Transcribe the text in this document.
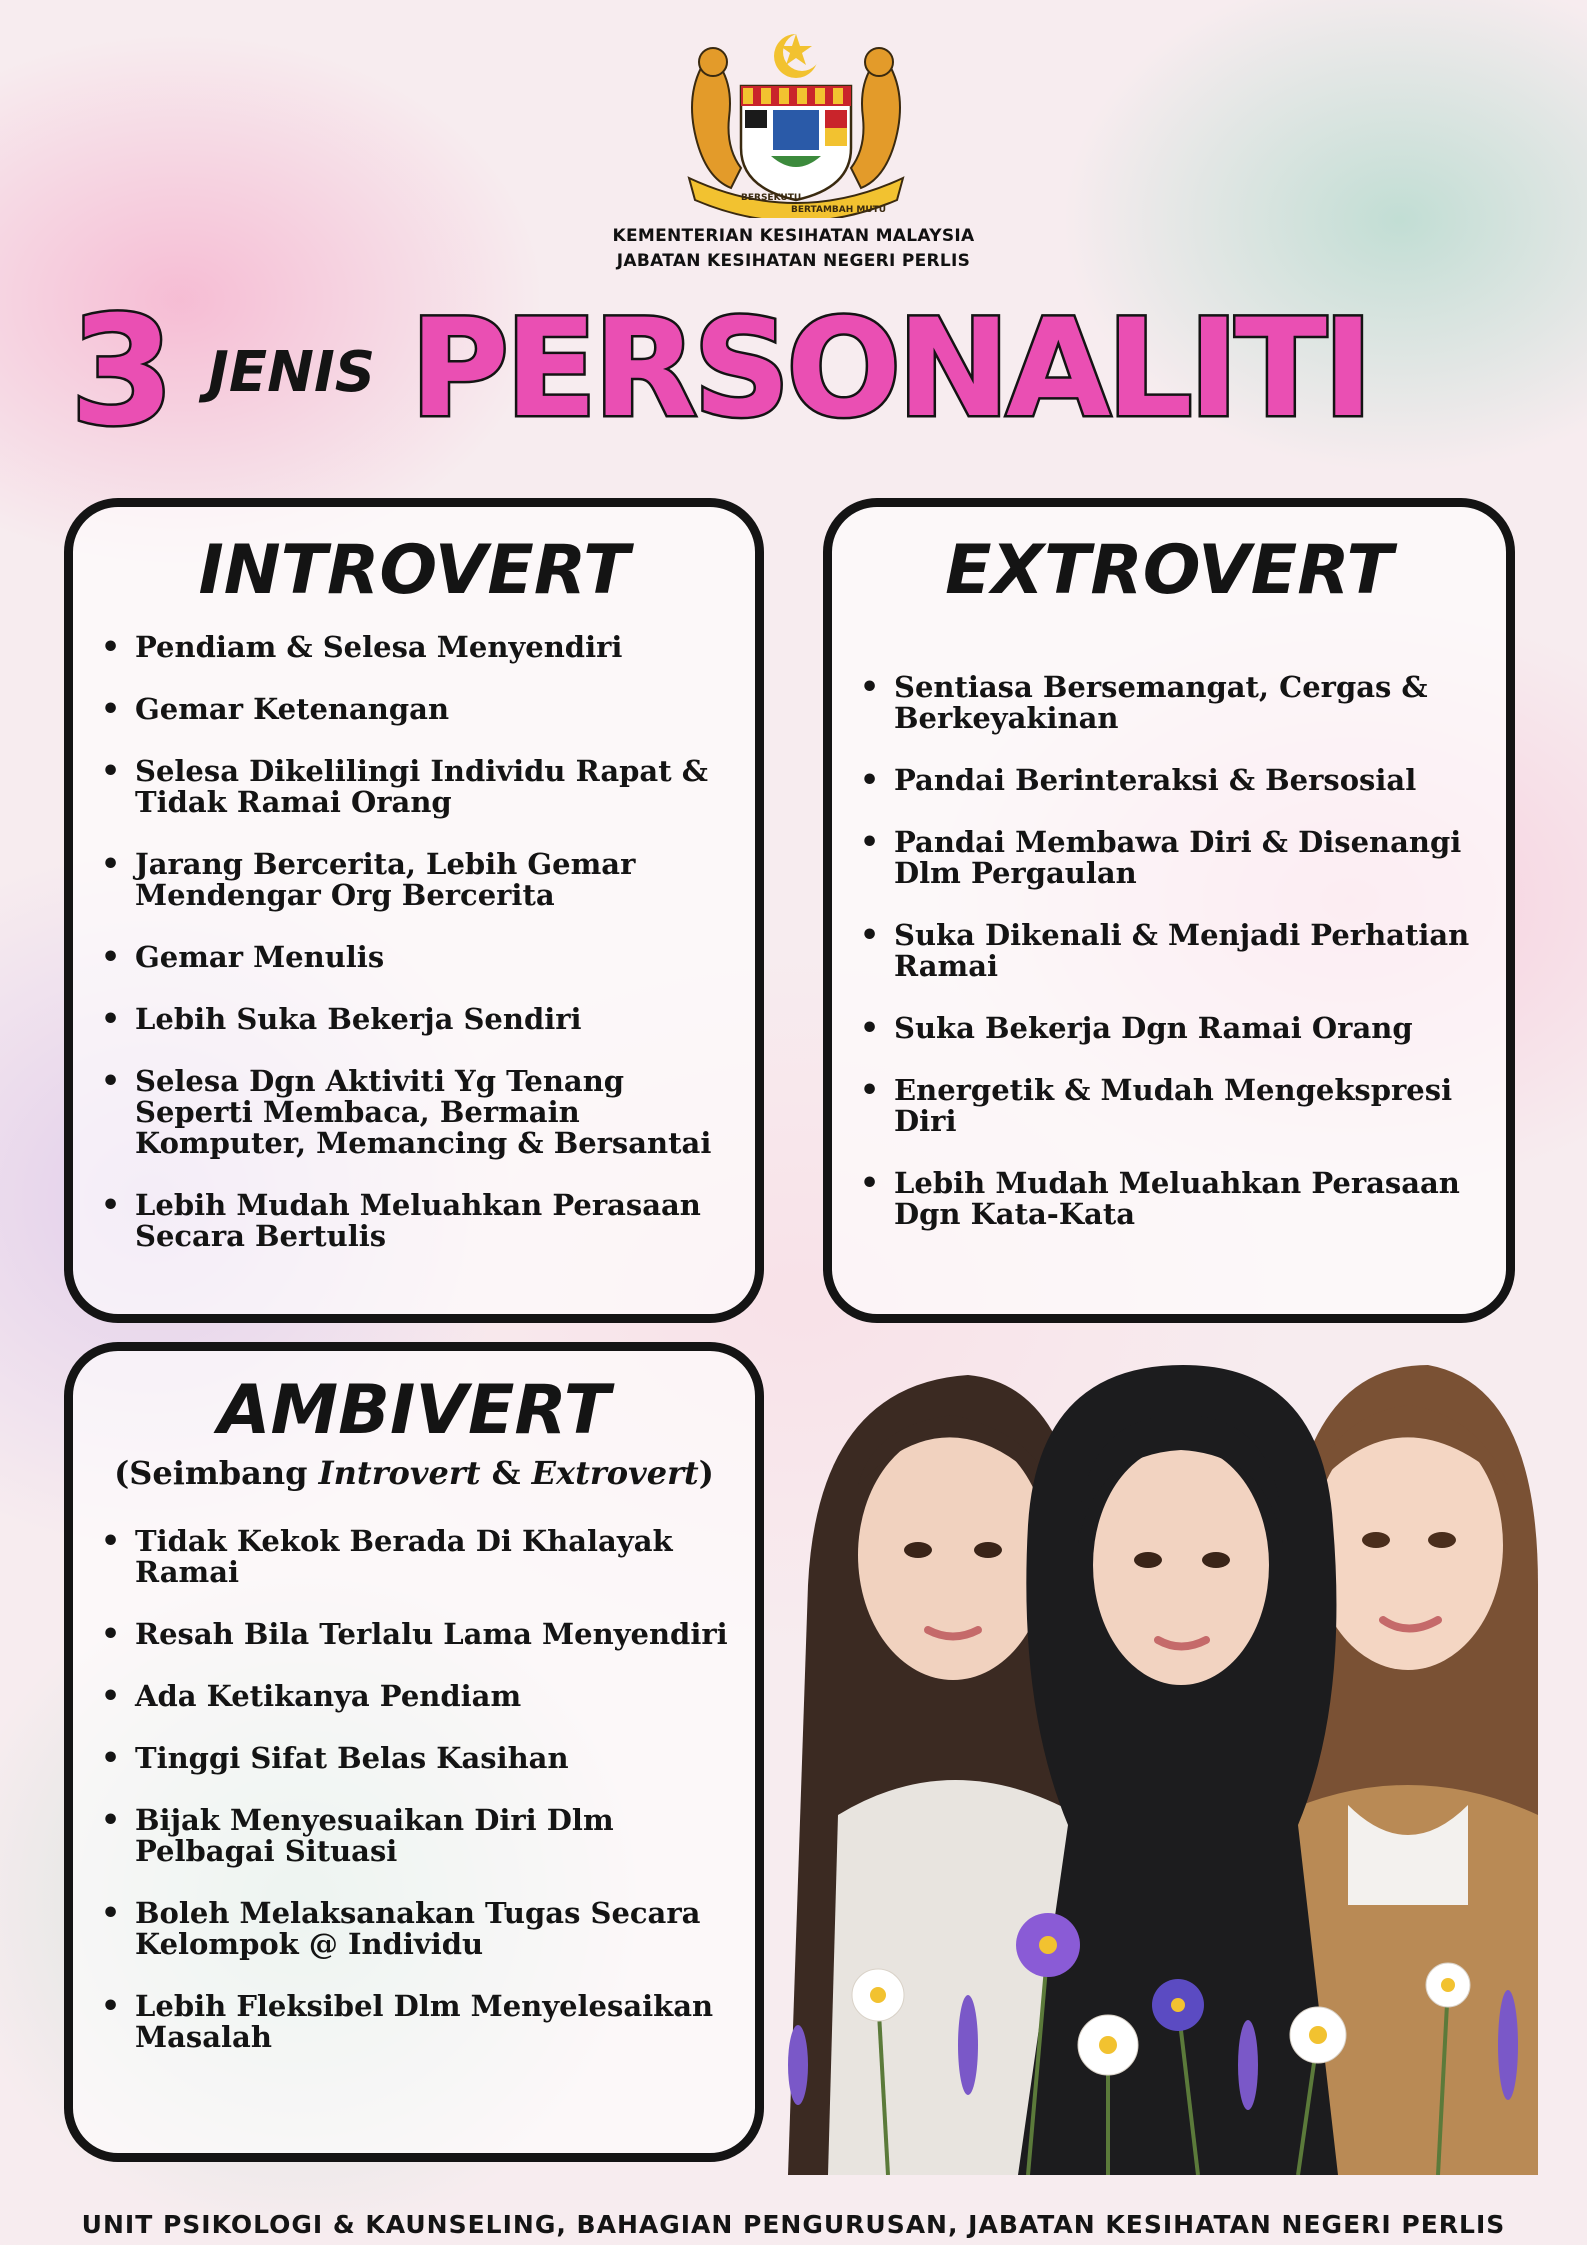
BERSEKUTU
BERTAMBAH MUTU
KEMENTERIAN KESIHATAN MALAYSIA
JABATAN KESIHATAN NEGERI PERLIS
3 JENIS PERSONALITI
INTROVERT
• Pendiam & Selesa Menyendiri
• Gemar Ketenangan
• Selesa Dikelilingi Individu Rapat & Tidak Ramai Orang
• Jarang Bercerita, Lebih Gemar Mendengar Org Bercerita
• Gemar Menulis
• Lebih Suka Bekerja Sendiri
• Selesa Dgn Aktiviti Yg Tenang Seperti Membaca, Bermain Komputer, Memancing & Bersantai
• Lebih Mudah Meluahkan Perasaan Secara Bertulis
EXTROVERT
• Sentiasa Bersemangat, Cergas & Berkeyakinan
• Pandai Berinteraksi & Bersosial
• Pandai Membawa Diri & Disenangi Dlm Pergaulan
• Suka Dikenali & Menjadi Perhatian Ramai
• Suka Bekerja Dgn Ramai Orang
• Energetik & Mudah Mengekspresi Diri
• Lebih Mudah Meluahkan Perasaan Dgn Kata-Kata
AMBIVERT
(Seimbang Introvert & Extrovert)
• Tidak Kekok Berada Di Khalayak Ramai
• Resah Bila Terlalu Lama Menyendiri
• Ada Ketikanya Pendiam
• Tinggi Sifat Belas Kasihan
• Bijak Menyesuaikan Diri Dlm Pelbagai Situasi
• Boleh Melaksanakan Tugas Secara Kelompok @ Individu
• Lebih Fleksibel Dlm Menyelesaikan Masalah
UNIT PSIKOLOGI & KAUNSELING, BAHAGIAN PENGURUSAN, JABATAN KESIHATAN NEGERI PERLIS
